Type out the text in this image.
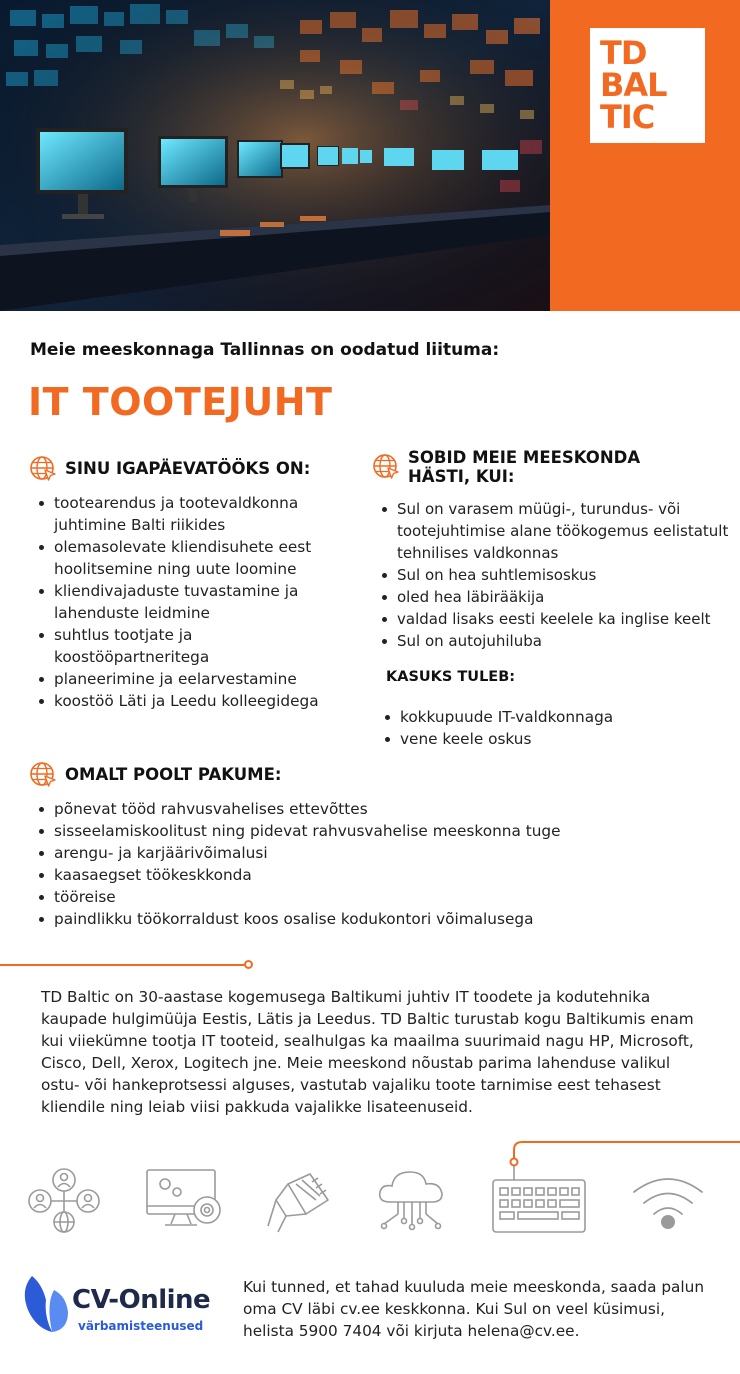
TD
BAL
TIC
Meie meeskonnaga Tallinnas on oodatud liituma:
IT TOOTEJUHT
SINU IGAPÄEVATÖÖKS ON:
tootearendus ja tootevaldkonna juhtimine Balti riikides
olemasolevate kliendisuhete eest hoolitsemine ning uute loomine
kliendivajaduste tuvastamine ja lahenduste leidmine
suhtlus tootjate ja koostööpartneritega
planeerimine ja eelarvestamine
koostöö Läti ja Leedu kolleegidega
SOBID MEIE MEESKONDA
HÄSTI, KUI:
Sul on varasem müügi-, turundus- või tootejuhtimise alane töökogemus eelistatult tehnilises valdkonnas
Sul on hea suhtlemisoskus
oled hea läbirääkija
valdad lisaks eesti keelele ka inglise keelt
Sul on autojuhiluba
KASUKS TULEB:
kokkupuude IT-valdkonnaga
vene keele oskus
OMALT POOLT PAKUME:
põnevat tööd rahvusvahelises ettevõttes
sisseelamiskoolitust ning pidevat rahvusvahelise meeskonna tuge
arengu- ja karjäärivõimalusi
kaasaegset töökeskkonda
tööreise
paindlikku töökorraldust koos osalise kodukontori võimalusega
TD Baltic on 30-aastase kogemusega Baltikumi juhtiv IT toodete ja kodutehnika kaupade hulgimüüja Eestis, Lätis ja Leedus. TD Baltic turustab kogu Baltikumis enam kui viiekümne tootja IT tooteid, sealhulgas ka maailma suurimaid nagu HP, Microsoft, Cisco, Dell, Xerox, Logitech jne. Meie meeskond nõustab parima lahenduse valikul ostu- või hankeprotsessi alguses, vastutab vajaliku toote tarnimise eest tehasest kliendile ning leiab viisi pakkuda vajalikke lisateenuseid.
CV-Online
värbamisteenused
Kui tunned, et tahad kuuluda meie meeskonda, saada palun oma CV läbi cv.ee keskkonna. Kui Sul on veel küsimusi, helista 5900 7404 või kirjuta helena@cv.ee.
